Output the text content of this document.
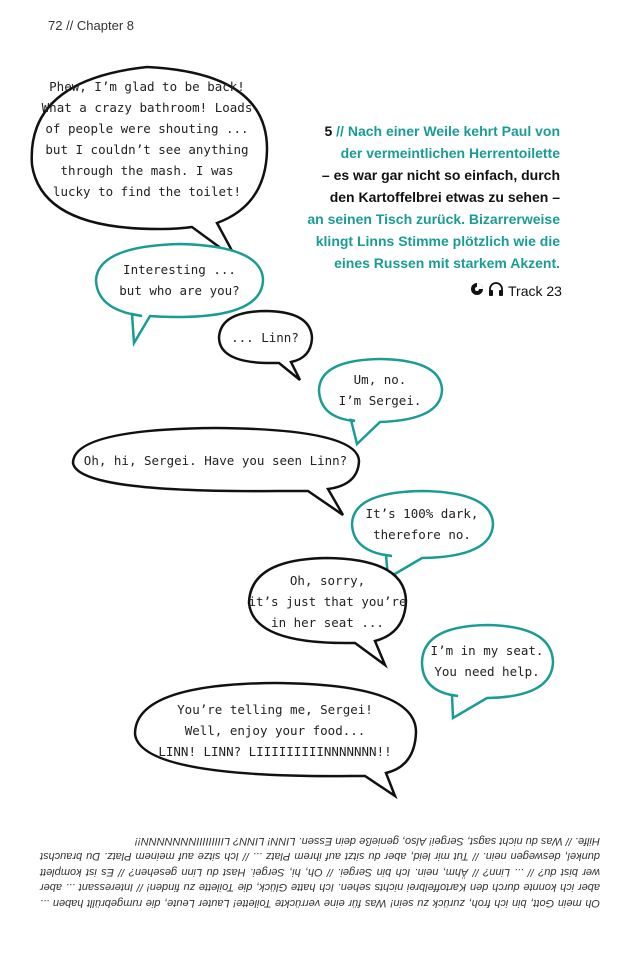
72 // Chapter 8
Phew, I’m glad to be back!
What a crazy bathroom! Loads
of people were shouting ...
but I couldn’t see anything
through the mash. I was
lucky to find the toilet!
5 // Nach einer Weile kehrt Paul von
der vermeintlichen Herrentoilette
– es war gar nicht so einfach, durch
den Kartoffelbrei etwas zu sehen –
an seinen Tisch zurück. Bizarrerweise
klingt Linns Stimme plötzlich wie die
eines Russen mit starkem Akzent.
Track 23
Interesting ...
but who are you?
... Linn?
Um, no.
I’m Sergei.
Oh, hi, Sergei. Have you seen Linn?
It’s 100% dark,
therefore no.
Oh, sorry,
it’s just that you’re
in her seat ...
I’m in my seat.
You need help.
You’re telling me, Sergei!
Well, enjoy your food...
LINN! LINN? LIIIIIIIIINNNNNNN!!

Oh mein Gott, bin ich froh, zurück zu sein! Was für eine verrückte Toilette! Lauter Leute, die rumgebrüllt haben ... aber ich konnte durch den Kartoffelbrei nichts sehen. Ich hatte Glück, die Toilette zu finden! // Interessant ... aber wer bist du? // ... Linn? // Ähm, nein. Ich bin Sergei. // Oh, hi, Sergei. Hast du Linn gesehen? // Es ist komplett dunkel, deswegen nein. // Tut mir leid, aber du sitzt auf ihrem Platz ... // Ich sitze auf meinem Platz. Du brauchst Hilfe. // Was du nicht sagst, Sergei! Also, genieße dein Essen. LINN! LINN? LIIIIIIIIINNNNNNN!!
